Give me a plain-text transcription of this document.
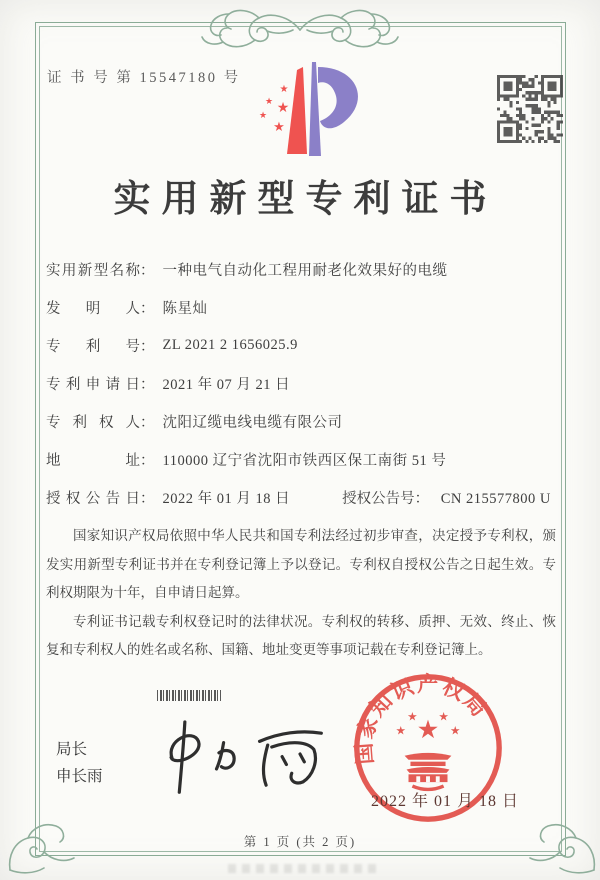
证 书 号 第 15547180 号
★
★ ★
★
★
实用新型专利证书
实用新型名称 ： 一种电气自动化工程用耐老化效果好的电缆
发明人 ： 陈星灿
专利号 ： ZL 2021 2 1656025.9
专利申请日 ： 2021 年 07 月 21 日
专利权人 ： 沈阳辽缆电线电缆有限公司
地址 ： 110000 辽宁省沈阳市铁西区保工南街 51 号
授权公告日 ： 2022 年 01 月 18 日	授权公告号： CN 215577800 U

国家知识产权局依照中华人民共和国专利法经过初步审查，决定授予专利权，颁发实用新型专利证书并在专利登记簿上予以登记。专利权自授权公告之日起生效。专利权期限为十年，自申请日起算。

专利证书记载专利权登记时的法律状况。专利权的转移、质押、无效、终止、恢复和专利权人的姓名或名称、国籍、地址变更等事项记载在专利登记簿上。

局长
申长雨
国家知识产权局
★
★
★ ★
★
2022 年 01 月 18 日
第 1 页 (共 2 页)
